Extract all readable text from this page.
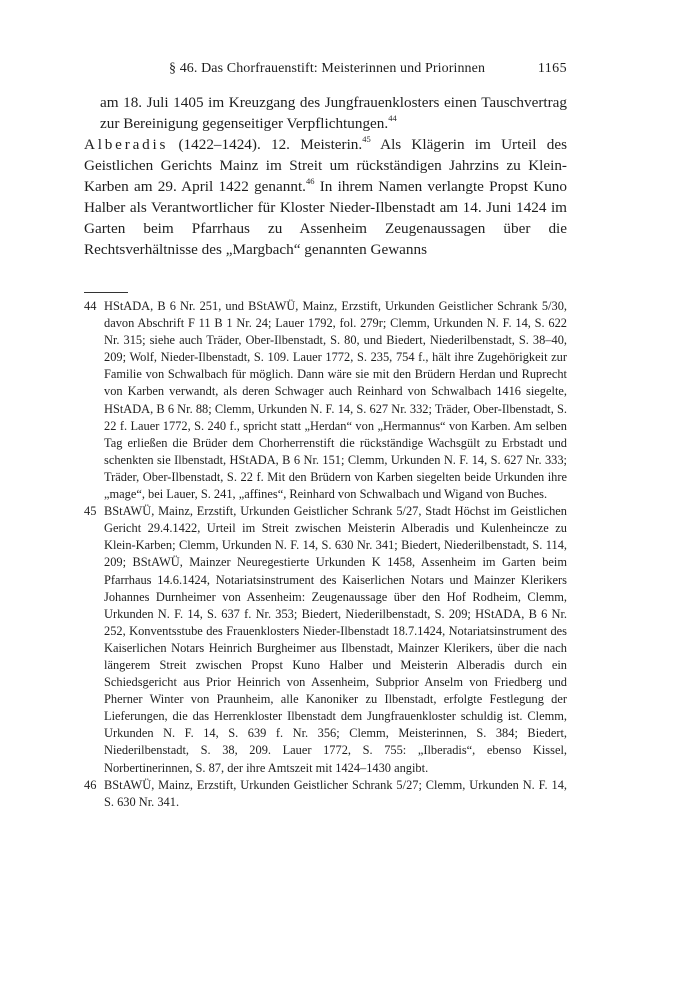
§ 46. Das Chorfrauenstift: Meisterinnen und Priorinnen	1165

am 18. Juli 1405 im Kreuzgang des Jungfrauenklosters einen Tauschvertrag zur Bereinigung gegenseitiger Verpflichtungen.$^{44}$

Alberadis (1422–1424). 12. Meisterin.$^{45}$ Als Klägerin im Urteil des Geistlichen Gerichts Mainz im Streit um rückständigen Jahrzins zu Klein-Karben am 29. April 1422 genannt.$^{46}$ In ihrem Namen verlangte Propst Kuno Halber als Verantwortlicher für Kloster Nieder-Ilbenstadt am 14. Juni 1424 im Garten beim Pfarrhaus zu Assenheim Zeugenaussagen über die Rechtsverhältnisse des „Margbach“ genannten Gewanns

44 HStADA, B 6 Nr. 251, und BStAWÜ, Mainz, Erzstift, Urkunden Geistlicher Schrank 5/30, davon Abschrift F 11 B 1 Nr. 24; Lauer 1792, fol. 279r; Clemm, Urkunden N. F. 14, S. 622 Nr. 315; siehe auch Träder, Ober-Ilbenstadt, S. 80, und Biedert, Niederilbenstadt, S. 38–40, 209; Wolf, Nieder-Ilbenstadt, S. 109. Lauer 1772, S. 235, 754 f., hält ihre Zugehörigkeit zur Familie von Schwalbach für möglich. Dann wäre sie mit den Brüdern Herdan und Ruprecht von Karben verwandt, als deren Schwager auch Reinhard von Schwalbach 1416 siegelte, HStADA, B 6 Nr. 88; Clemm, Urkunden N. F. 14, S. 627 Nr. 332; Träder, Ober-Ilbenstadt, S. 22 f. Lauer 1772, S. 240 f., spricht statt „Herdan“ von „Hermannus“ von Karben. Am selben Tag erließen die Brüder dem Chorherrenstift die rückständige Wachsgült zu Erbstadt und schenkten sie Ilbenstadt, HStADA, B 6 Nr. 151; Clemm, Urkunden N. F. 14, S. 627 Nr. 333; Träder, Ober-Ilbenstadt, S. 22 f. Mit den Brüdern von Karben siegelten beide Urkunden ihre „mage“, bei Lauer, S. 241, „affines“, Reinhard von Schwalbach und Wigand von Buches.

45 BStAWÜ, Mainz, Erzstift, Urkunden Geistlicher Schrank 5/27, Stadt Höchst im Geistlichen Gericht 29.4.1422, Urteil im Streit zwischen Meisterin Alberadis und Kulenheincze zu Klein-Karben; Clemm, Urkunden N. F. 14, S. 630 Nr. 341; Biedert, Niederilbenstadt, S. 114, 209; BStAWÜ, Mainzer Neuregestierte Urkunden K 1458, Assenheim im Garten beim Pfarrhaus 14.6.1424, Notariatsinstrument des Kaiserlichen Notars und Mainzer Klerikers Johannes Durnheimer von Assenheim: Zeugenaussage über den Hof Rodheim, Clemm, Urkunden N. F. 14, S. 637 f. Nr. 353; Biedert, Niederilbenstadt, S. 209; HStADA, B 6 Nr. 252, Konventsstube des Frauenklosters Nieder-Ilbenstadt 18.7.1424, Notariatsinstrument des Kaiserlichen Notars Heinrich Burgheimer aus Ilbenstadt, Mainzer Klerikers, über die nach längerem Streit zwischen Propst Kuno Halber und Meisterin Alberadis durch ein Schiedsgericht aus Prior Heinrich von Assenheim, Subprior Anselm von Friedberg und Pherner Winter von Praunheim, alle Kanoniker zu Ilbenstadt, erfolgte Festlegung der Lieferungen, die das Herrenkloster Ilbenstadt dem Jungfrauenkloster schuldig ist. Clemm, Urkunden N. F. 14, S. 639 f. Nr. 356; Clemm, Meisterinnen, S. 384; Biedert, Niederilbenstadt, S. 38, 209. Lauer 1772, S. 755: „Ilberadis“, ebenso Kissel, Norbertinerinnen, S. 87, der ihre Amtszeit mit 1424–1430 angibt.

46 BStAWÜ, Mainz, Erzstift, Urkunden Geistlicher Schrank 5/27; Clemm, Urkunden N. F. 14, S. 630 Nr. 341.
